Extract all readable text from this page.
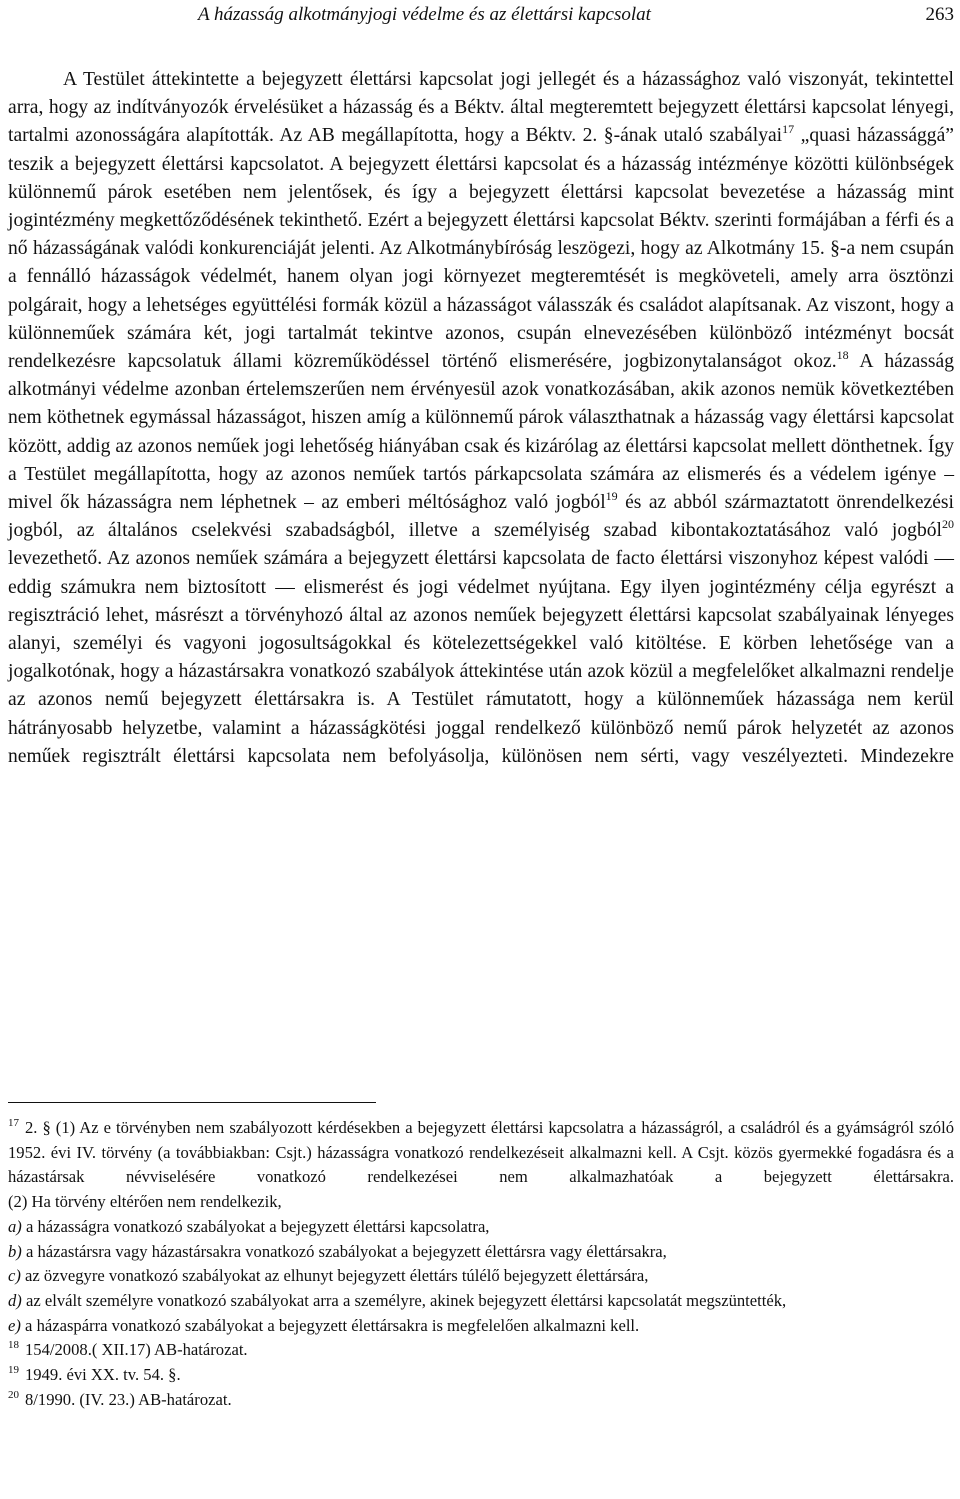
A házasság alkotmányjogi védelme és az élettársi kapcsolat	263

A Testület áttekintette a bejegyzett élettársi kapcsolat jogi jellegét és a házassághoz való viszonyát, tekintettel arra, hogy az indítványozók érvelésüket a házasság és a Béktv. által megteremtett bejegyzett élettársi kapcsolat lényegi, tartalmi azonosságára alapították. Az AB megállapította, hogy a Béktv. 2. §-ának utaló szabályai$^{17}$ „quasi házassággá” teszik a bejegyzett élettársi kapcsolatot. A bejegyzett élettársi kapcsolat és a házasság intézménye közötti különbségek különnemű párok esetében nem jelentősek, és így a bejegyzett élettársi kapcsolat bevezetése a házasság mint jogintézmény megkettőződésének tekinthető. Ezért a bejegyzett élettársi kapcsolat Béktv. szerinti formájában a férfi és a nő házasságának valódi konkurenciáját jelenti. Az Alkotmánybíróság leszögezi, hogy az Alkotmány 15. §-a nem csupán a fennálló házasságok védelmét, hanem olyan jogi környezet megteremtését is megköveteli, amely arra ösztönzi polgárait, hogy a lehetséges együttélési formák közül a házasságot válasszák és családot alapítsanak. Az viszont, hogy a különneműek számára két, jogi tartalmát tekintve azonos, csupán elnevezésében különböző intézményt bocsát rendelkezésre kapcsolatuk állami közreműködéssel történő elismerésére, jogbizonytalanságot okoz.$^{18}$ A házasság alkotmányi védelme azonban értelemszerűen nem érvényesül azok vonatkozásában, akik azonos nemük következtében nem köthetnek egymással házasságot, hiszen amíg a különnemű párok választhatnak a házasság vagy élettársi kapcsolat között, addig az azonos neműek jogi lehetőség hiányában csak és kizárólag az élettársi kapcsolat mellett dönthetnek. Így a Testület megállapította, hogy az azonos neműek tartós párkapcsolata számára az elismerés és a védelem igénye – mivel ők házasságra nem léphetnek – az emberi méltósághoz való jogból$^{19}$ és az abból származtatott önrendelkezési jogból, az általános cselekvési szabadságból, illetve a személyiség szabad kibontakoztatásához való jogból$^{20}$ levezethető. Az azonos neműek számára a bejegyzett élettársi kapcsolata de facto élettársi viszonyhoz képest valódi — eddig számukra nem biztosított — elismerést és jogi védelmet nyújtana. Egy ilyen jogintézmény célja egyrészt a regisztráció lehet, másrészt a törvényhozó által az azonos neműek bejegyzett élettársi kapcsolat szabályainak lényeges alanyi, személyi és vagyoni jogosultságokkal és kötelezettségekkel való kitöltése. E körben lehetősége van a jogalkotónak, hogy a házastársakra vonatkozó szabályok áttekintése után azok közül a megfelelőket alkalmazni rendelje az azonos nemű bejegyzett élettársakra is. A Testület rámutatott, hogy a különneműek házassága nem kerül hátrányosabb helyzetbe, valamint a házasságkötési joggal rendelkező különböző nemű párok helyzetét az azonos neműek regisztrált élettársi kapcsolata nem befolyásolja, különösen nem sérti, vagy veszélyezteti. Mindezekre

$^{17}$ 2. § (1) Az e törvényben nem szabályozott kérdésekben a bejegyzett élettársi kapcsolatra a házasságról, a családról és a gyámságról szóló 1952. évi IV. törvény (a továbbiakban: Csjt.) házasságra vonatkozó rendelkezéseit alkalmazni kell. A Csjt. közös gyermekké fogadásra és a házastársak névviselésére vonatkozó rendelkezései nem alkalmazhatóak a bejegyzett élettársakra.
(2) Ha törvény eltérően nem rendelkezik,
a) a házasságra vonatkozó szabályokat a bejegyzett élettársi kapcsolatra,
b) a házastársra vagy házastársakra vonatkozó szabályokat a bejegyzett élettársra vagy élettársakra,
c) az özvegyre vonatkozó szabályokat az elhunyt bejegyzett élettárs túlélő bejegyzett élettársára,
d) az elvált személyre vonatkozó szabályokat arra a személyre, akinek bejegyzett élettársi kapcsolatát megszüntették,
e) a házaspárra vonatkozó szabályokat a bejegyzett élettársakra is megfelelően alkalmazni kell.
$^{18}$ 154/2008.( XII.17) AB-határozat.
$^{19}$ 1949. évi XX. tv. 54. §.
$^{20}$ 8/1990. (IV. 23.) AB-határozat.
